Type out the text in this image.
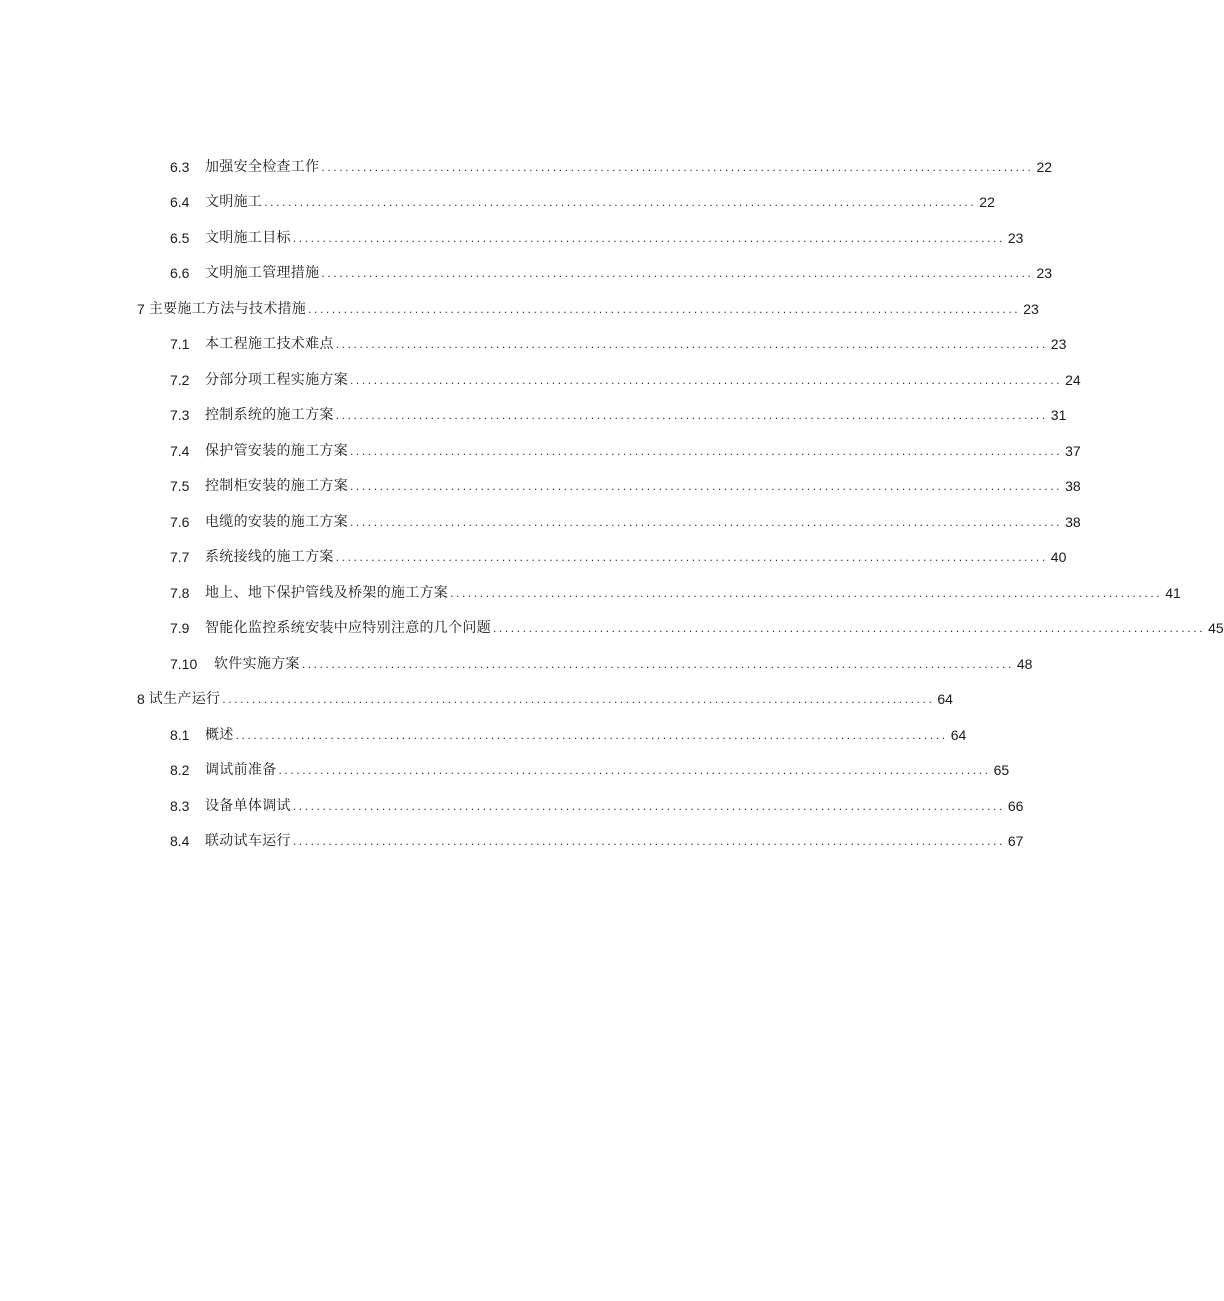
6.3	加强安全检查工作 ........................................................................................................................ 22
6.4	文明施工 ........................................................................................................................ 22
6.5	文明施工目标 ........................................................................................................................ 23
6.6	文明施工管理措施 ........................................................................................................................ 23
7 主要施工方法与技术措施 ........................................................................................................................ 23
7.1	本工程施工技术难点 ........................................................................................................................ 23
7.2	分部分项工程实施方案 ........................................................................................................................ 24
7.3	控制系统的施工方案 ........................................................................................................................ 31
7.4	保护管安装的施工方案 ........................................................................................................................ 37
7.5	控制柜安装的施工方案 ........................................................................................................................ 38
7.6	电缆的安装的施工方案 ........................................................................................................................ 38
7.7	系统接线的施工方案 ........................................................................................................................ 40
7.8	地上、地下保护管线及桥架的施工方案 ........................................................................................................................ 41
7.9	智能化监控系统安装中应特别注意的几个问题 ........................................................................................................................ 45
7.10	软件实施方案 ........................................................................................................................ 48
8 试生产运行 ........................................................................................................................ 64
8.1	概述 ........................................................................................................................ 64
8.2	调试前准备 ........................................................................................................................ 65
8.3	设备单体调试 ........................................................................................................................ 66
8.4	联动试车运行 ........................................................................................................................ 67
